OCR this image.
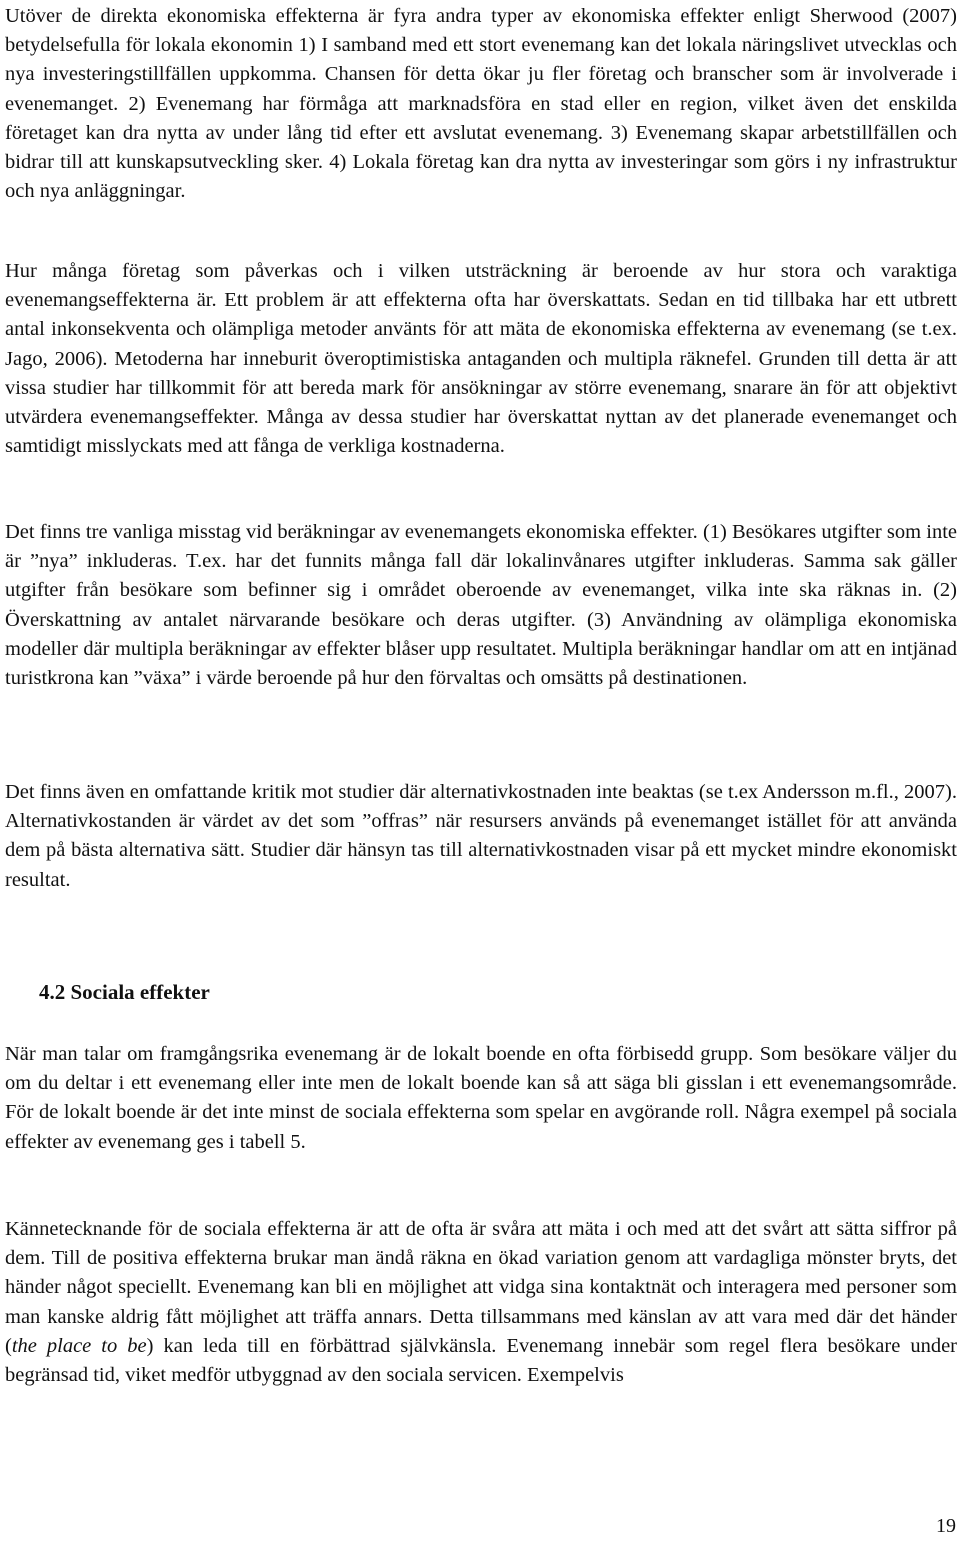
Utöver de direkta ekonomiska effekterna är fyra andra typer av ekonomiska effekter enligt Sherwood (2007) betydelsefulla för lokala ekonomin 1) I samband med ett stort evenemang kan det lokala näringslivet utvecklas och nya investeringstillfällen uppkomma. Chansen för detta ökar ju fler företag och branscher som är involverade i evenemanget. 2) Evenemang har förmåga att marknadsföra en stad eller en region, vilket även det enskilda företaget kan dra nytta av under lång tid efter ett avslutat evenemang. 3) Evenemang skapar arbetstillfällen och bidrar till att kunskapsutveckling sker. 4) Lokala företag kan dra nytta av investeringar som görs i ny infrastruktur och nya anläggningar.

Hur många företag som påverkas och i vilken utsträckning är beroende av hur stora och varaktiga evenemangseffekterna är. Ett problem är att effekterna ofta har överskattats. Sedan en tid tillbaka har ett utbrett antal inkonsekventa och olämpliga metoder använts för att mäta de ekonomiska effekterna av evenemang (se t.ex. Jago, 2006). Metoderna har inneburit överoptimistiska antaganden och multipla räknefel. Grunden till detta är att vissa studier har tillkommit för att bereda mark för ansökningar av större evenemang, snarare än för att objektivt utvärdera evenemangseffekter. Många av dessa studier har överskattat nyttan av det planerade evenemanget och samtidigt misslyckats med att fånga de verkliga kostnaderna.

Det finns tre vanliga misstag vid beräkningar av evenemangets ekonomiska effekter. (1) Besökares utgifter som inte är ”nya” inkluderas. T.ex. har det funnits många fall där lokalinvånares utgifter inkluderas. Samma sak gäller utgifter från besökare som befinner sig i området oberoende av evenemanget, vilka inte ska räknas in. (2) Överskattning av antalet närvarande besökare och deras utgifter. (3) Användning av olämpliga ekonomiska modeller där multipla beräkningar av effekter blåser upp resultatet. Multipla beräkningar handlar om att en intjänad turistkrona kan ”växa” i värde beroende på hur den förvaltas och omsätts på destinationen.

Det finns även en omfattande kritik mot studier där alternativkostnaden inte beaktas (se t.ex Andersson m.fl., 2007). Alternativkostanden är värdet av det som ”offras” när resursers används på evenemanget istället för att använda dem på bästa alternativa sätt. Studier där hänsyn tas till alternativkostnaden visar på ett mycket mindre ekonomiskt resultat.

4.2 Sociala effekter

När man talar om framgångsrika evenemang är de lokalt boende en ofta förbisedd grupp. Som besökare väljer du om du deltar i ett evenemang eller inte men de lokalt boende kan så att säga bli gisslan i ett evenemangsområde. För de lokalt boende är det inte minst de sociala effekterna som spelar en avgörande roll. Några exempel på sociala effekter av evenemang ges i tabell 5.

Kännetecknande för de sociala effekterna är att de ofta är svåra att mäta i och med att det svårt att sätta siffror på dem. Till de positiva effekterna brukar man ändå räkna en ökad variation genom att vardagliga mönster bryts, det händer något speciellt. Evenemang kan bli en möjlighet att vidga sina kontaktnät och interagera med personer som man kanske aldrig fått möjlighet att träffa annars. Detta tillsammans med känslan av att vara med där det händer (the place to be) kan leda till en förbättrad självkänsla. Evenemang innebär som regel flera besökare under begränsad tid, viket medför utbyggnad av den sociala servicen. Exempelvis

19
